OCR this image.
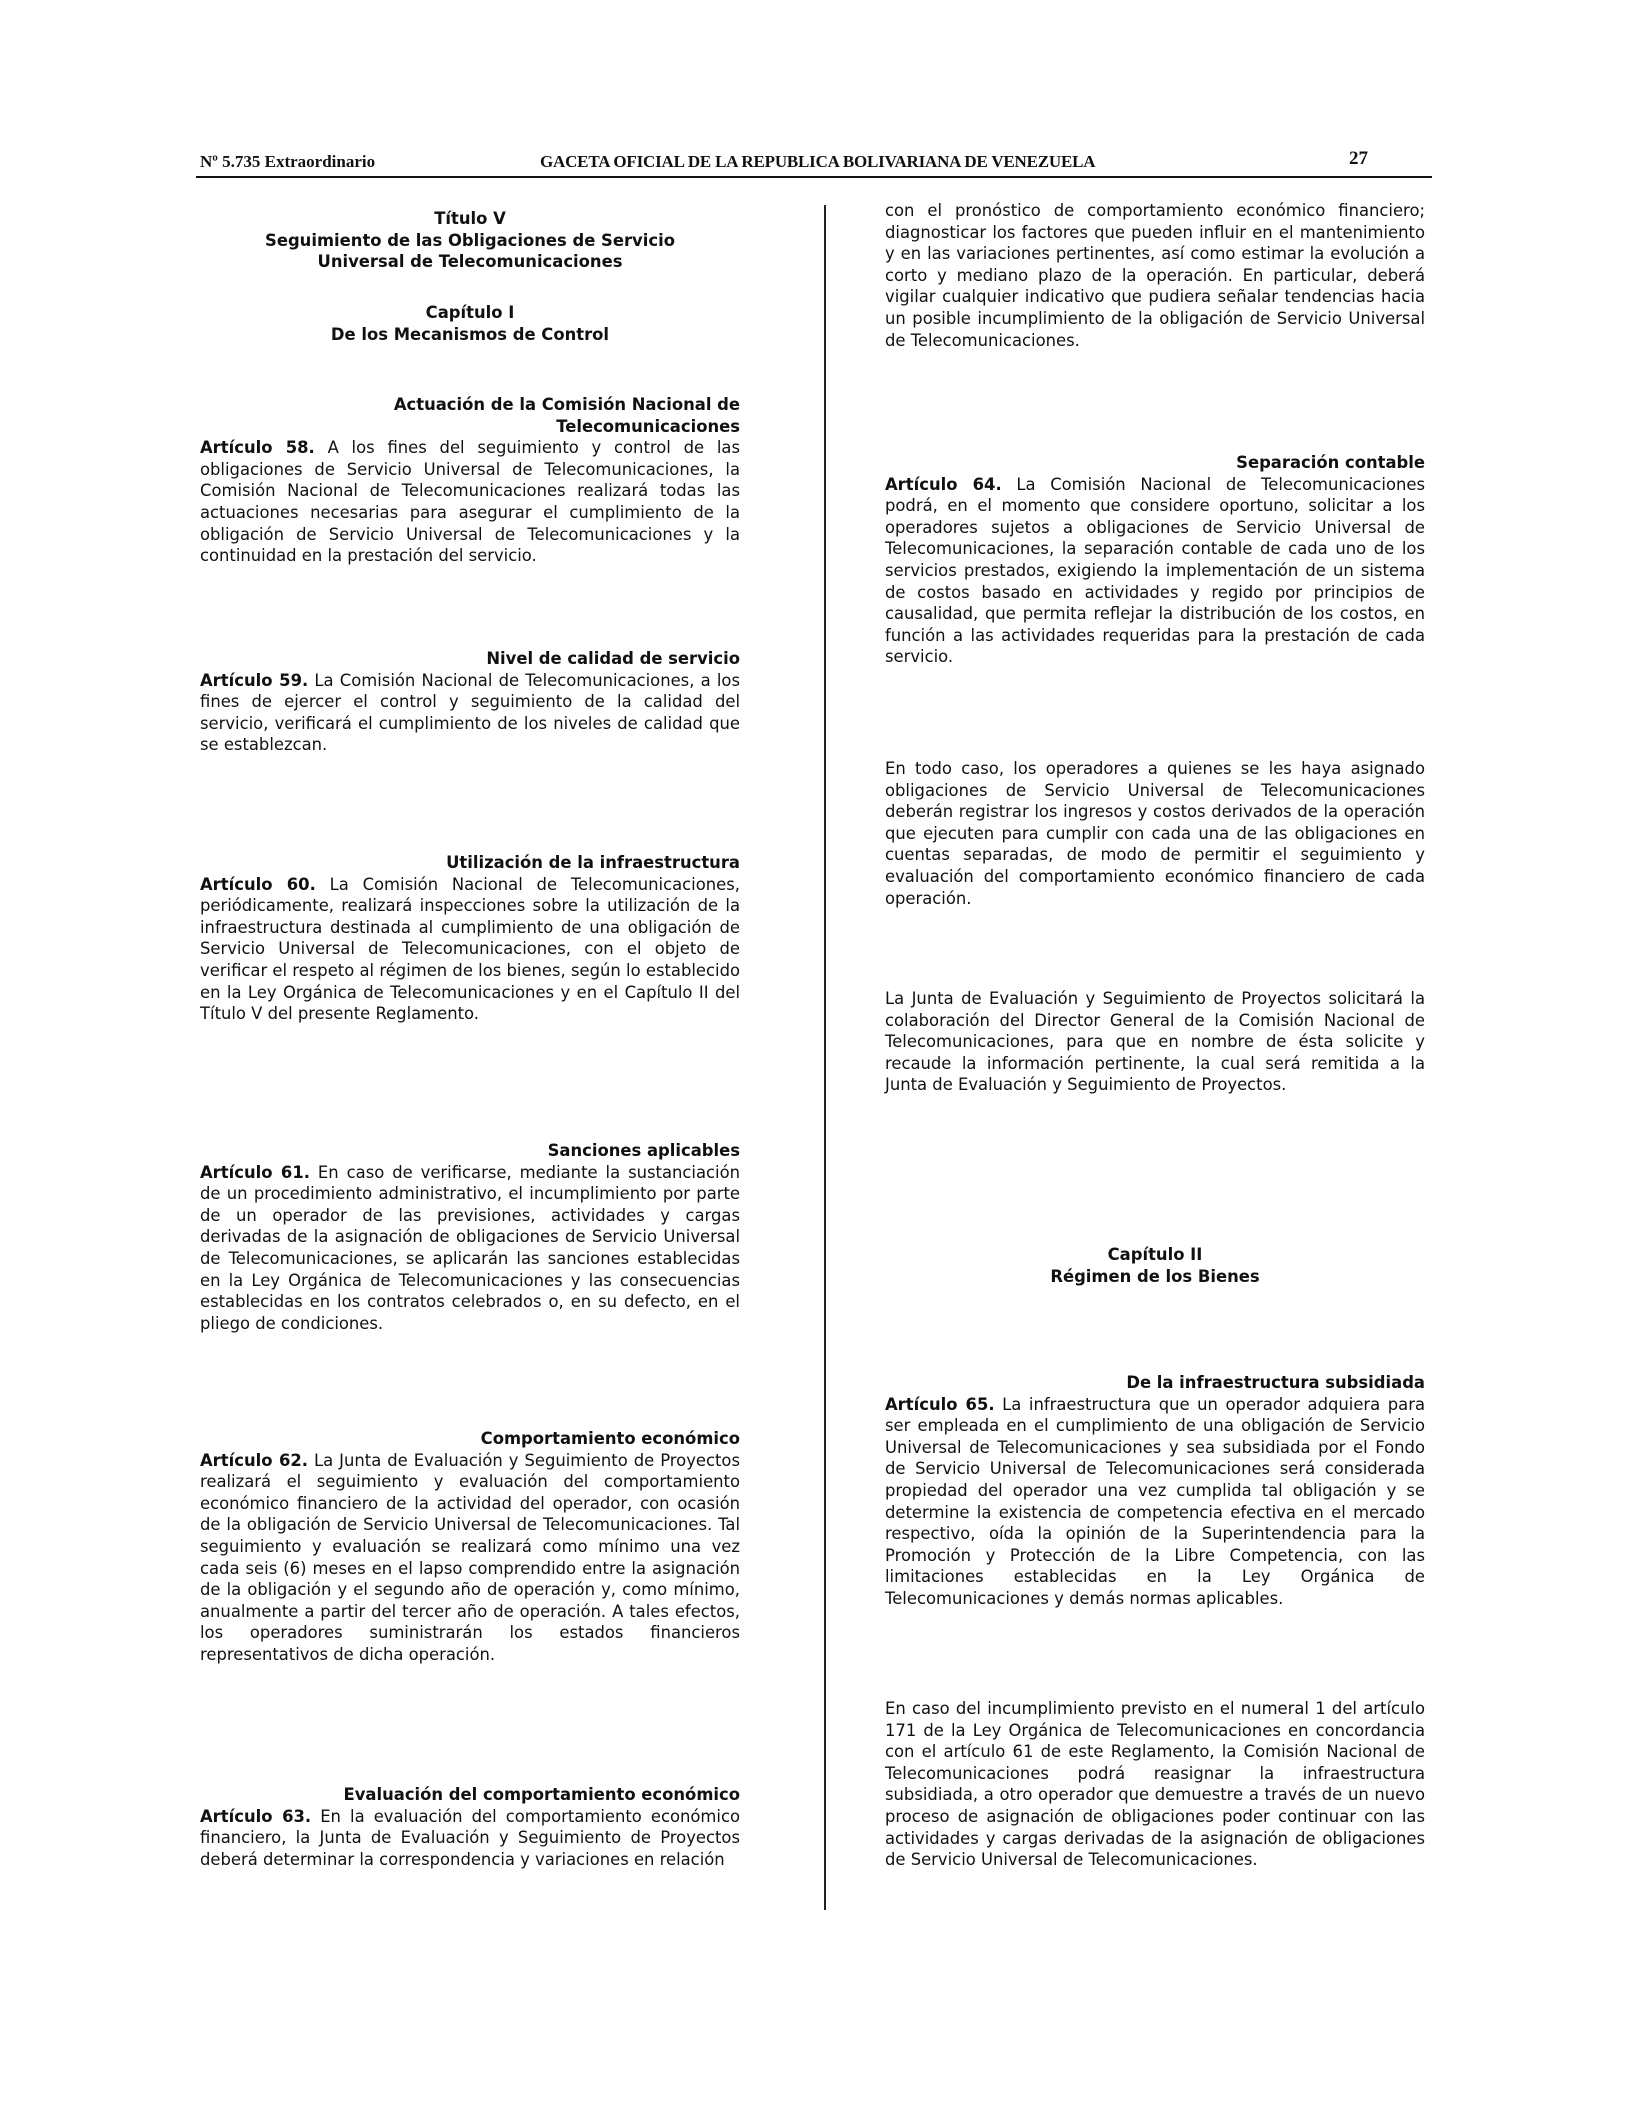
Nº 5.735 Extraordinario	GACETA OFICIAL DE LA REPUBLICA BOLIVARIANA DE VENEZUELA	27

Título V

Seguimiento de las Obligaciones de Servicio Universal de Telecomunicaciones

Capítulo I

De los Mecanismos de Control

Actuación de la Comisión Nacional de Telecomunicaciones

Artículo 58. A los fines del seguimiento y control de las obligaciones de Servicio Universal de Telecomunicaciones, la Comisión Nacional de Telecomunicaciones realizará todas las actuaciones necesarias para asegurar el cumplimiento de la obligación de Servicio Universal de Telecomunicaciones y la continuidad en la prestación del servicio.

Nivel de calidad de servicio

Artículo 59. La Comisión Nacional de Telecomunicaciones, a los fines de ejercer el control y seguimiento de la calidad del servicio, verificará el cumplimiento de los niveles de calidad que se establezcan.

Utilización de la infraestructura

Artículo 60. La Comisión Nacional de Telecomunicaciones, periódicamente, realizará inspecciones sobre la utilización de la infraestructura destinada al cumplimiento de una obligación de Servicio Universal de Telecomunicaciones, con el objeto de verificar el respeto al régimen de los bienes, según lo establecido en la Ley Orgánica de Telecomunicaciones y en el Capítulo II del Título V del presente Reglamento.

Sanciones aplicables

Artículo 61. En caso de verificarse, mediante la sustanciación de un procedimiento administrativo, el incumplimiento por parte de un operador de las previsiones, actividades y cargas derivadas de la asignación de obligaciones de Servicio Universal de Telecomunicaciones, se aplicarán las sanciones establecidas en la Ley Orgánica de Telecomunicaciones y las consecuencias establecidas en los contratos celebrados o, en su defecto, en el pliego de condiciones.

Comportamiento económico

Artículo 62. La Junta de Evaluación y Seguimiento de Proyectos realizará el seguimiento y evaluación del comportamiento económico financiero de la actividad del operador, con ocasión de la obligación de Servicio Universal de Telecomunicaciones. Tal seguimiento y evaluación se realizará como mínimo una vez cada seis (6) meses en el lapso comprendido entre la asignación de la obligación y el segundo año de operación y, como mínimo, anualmente a partir del tercer año de operación. A tales efectos, los operadores suministrarán los estados financieros representativos de dicha operación.

Evaluación del comportamiento económico

Artículo 63. En la evaluación del comportamiento económico financiero, la Junta de Evaluación y Seguimiento de Proyectos deberá determinar la correspondencia y variaciones en relación

con el pronóstico de comportamiento económico financiero; diagnosticar los factores que pueden influir en el mantenimiento y en las variaciones pertinentes, así como estimar la evolución a corto y mediano plazo de la operación. En particular, deberá vigilar cualquier indicativo que pudiera señalar tendencias hacia un posible incumplimiento de la obligación de Servicio Universal de Telecomunicaciones.

Separación contable

Artículo 64. La Comisión Nacional de Telecomunicaciones podrá, en el momento que considere oportuno, solicitar a los operadores sujetos a obligaciones de Servicio Universal de Telecomunicaciones, la separación contable de cada uno de los servicios prestados, exigiendo la implementación de un sistema de costos basado en actividades y regido por principios de causalidad, que permita reflejar la distribución de los costos, en función a las actividades requeridas para la prestación de cada servicio.

En todo caso, los operadores a quienes se les haya asignado obligaciones de Servicio Universal de Telecomunicaciones deberán registrar los ingresos y costos derivados de la operación que ejecuten para cumplir con cada una de las obligaciones en cuentas separadas, de modo de permitir el seguimiento y evaluación del comportamiento económico financiero de cada operación.

La Junta de Evaluación y Seguimiento de Proyectos solicitará la colaboración del Director General de la Comisión Nacional de Telecomunicaciones, para que en nombre de ésta solicite y recaude la información pertinente, la cual será remitida a la Junta de Evaluación y Seguimiento de Proyectos.

Capítulo II

Régimen de los Bienes

De la infraestructura subsidiada

Artículo 65. La infraestructura que un operador adquiera para ser empleada en el cumplimiento de una obligación de Servicio Universal de Telecomunicaciones y sea subsidiada por el Fondo de Servicio Universal de Telecomunicaciones será considerada propiedad del operador una vez cumplida tal obligación y se determine la existencia de competencia efectiva en el mercado respectivo, oída la opinión de la Superintendencia para la Promoción y Protección de la Libre Competencia, con las limitaciones establecidas en la Ley Orgánica de Telecomunicaciones y demás normas aplicables.

En caso del incumplimiento previsto en el numeral 1 del artículo 171 de la Ley Orgánica de Telecomunicaciones en concordancia con el artículo 61 de este Reglamento, la Comisión Nacional de Telecomunicaciones podrá reasignar la infraestructura subsidiada, a otro operador que demuestre a través de un nuevo proceso de asignación de obligaciones poder continuar con las actividades y cargas derivadas de la asignación de obligaciones de Servicio Universal de Telecomunicaciones.
